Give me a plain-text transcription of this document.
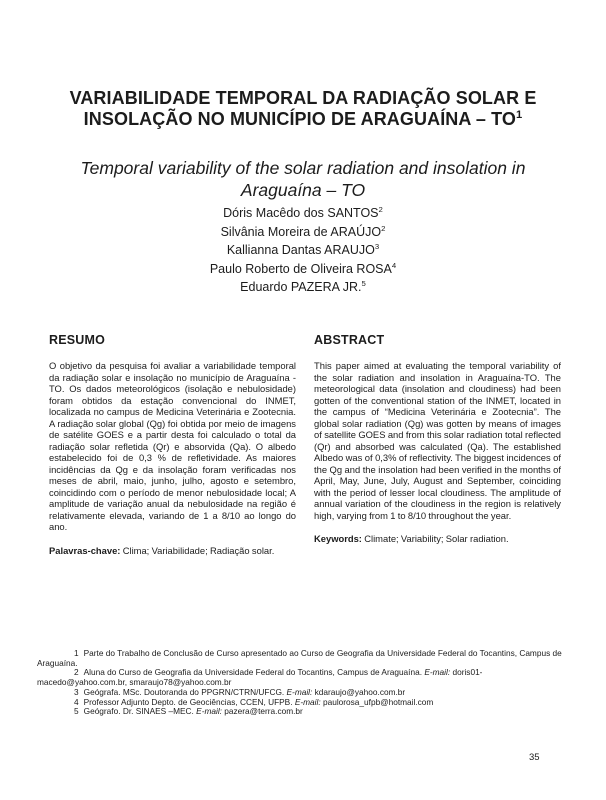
VARIABILIDADE TEMPORAL DA RADIAÇÃO SOLAR E
INSOLAÇÃO NO MUNICÍPIO DE ARAGUAÍNA – $TO^1$
Temporal variability of the solar radiation and insolation in
Araguaína – TO
Dóris Macêdo dos SANTOS$^2$
Silvânia Moreira de ARAÚJO$^2$
Kallianna Dantas ARAUJO$^3$
Paulo Roberto de Oliveira ROSA$^4$
Eduardo PAZERA JR.$^5$
RESUMO

O objetivo da pesquisa foi avaliar a variabilidade temporal da radiação solar e insolação no município de Araguaína - TO. Os dados meteorológicos (isolação e nebulosidade) foram obtidos da estação convencional do INMET, localizada no campus de Medicina Veterinária e Zootecnia. A radiação solar global (Qg) foi obtida por meio de imagens de satélite GOES e a partir desta foi calculado o total da radiação solar refletida (Qr) e absorvida (Qa). O albedo estabelecido foi de 0,3 % de refletividade. As maiores incidências da Qg e da insolação foram verificadas nos meses de abril, maio, junho, julho, agosto e setembro, coincidindo com o período de menor nebulosidade local; A amplitude de variação anual da nebulosidade na região é relativamente elevada, variando de 1 a 8/10 ao longo do ano.

Palavras-chave: Clima; Variabilidade; Radiação solar.

ABSTRACT

This paper aimed at evaluating the temporal variability of the solar radiation and insolation in Araguaína-TO. The meteorological data (insolation and cloudiness) had been gotten of the conventional station of the INMET, located in the campus of “Medicina Veterinária e Zootecnia”. The global solar radiation (Qg) was gotten by means of images of satellite GOES and from this solar radiation total reflected (Qr) and absorbed was calculated (Qa). The established Albedo was of 0,3% of reflectivity. The biggest incidences of the Qg and the insolation had been verified in the months of April, May, June, July, August and September, coinciding with the period of lesser local cloudiness. The amplitude of annual variation of the cloudiness in the region is relatively high, varying from 1 to 8/10 throughout the year.

Keywords: Climate; Variability; Solar radiation.

1 Parte do Trabalho de Conclusão de Curso apresentado ao Curso de Geografia da Universidade Federal do Tocantins, Campus de Araguaína.

2 Aluna do Curso de Geografia da Universidade Federal do Tocantins, Campus de Araguaína. E-mail: doris01-macedo@yahoo.com.br, smaraujo78@yahoo.com.br

3 Geógrafa. MSc. Doutoranda do PPGRN/CTRN/UFCG. E-mail: kdaraujo@yahoo.com.br

4 Professor Adjunto Depto. de Geociências, CCEN, UFPB. E-mail: paulorosa_ufpb@hotmail.com

5 Geógrafo. Dr. SINAES –MEC. E-mail: pazera@terra.com.br

35
